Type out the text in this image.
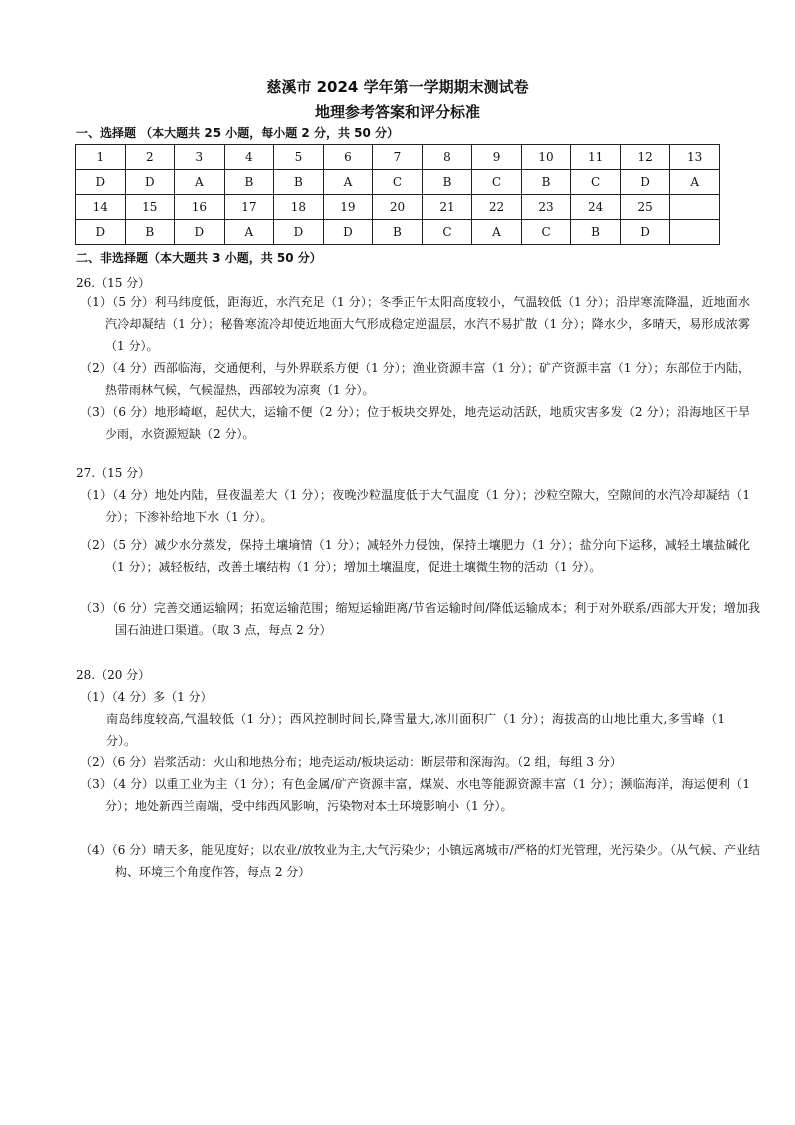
慈溪市 2024 学年第一学期期末测试卷
地理参考答案和评分标准
一、选择题 （本大题共 25 小题，每小题 2 分，共 50 分）
1	2	3	4	5	6	7	8	9	10	11	12	13
D	D	A	B	B	A	C	B	C	B	C	D	A
14	15	16	17	18	19	20	21	22	23	24	25	
D	B	D	A	D	D	B	C	A	C	B	D	
二、非选择题（本大题共 3 小题，共 50 分）
26.（15 分）

（1）（5 分）利马纬度低，距海近，水汽充足（1 分）；冬季正午太阳高度较小，气温较低（1 分）；沿岸寒流降温，近地面水汽冷却凝结（1 分）；秘鲁寒流冷却使近地面大气形成稳定逆温层，水汽不易扩散（1 分）；降水少，多晴天，易形成浓雾（1 分）。

（2）（4 分）西部临海，交通便利，与外界联系方便（1 分）；渔业资源丰富（1 分）；矿产资源丰富（1 分）；东部位于内陆，热带雨林气候，气候湿热，西部较为凉爽（1 分）。

（3）（6 分）地形崎岖，起伏大，运输不便（2 分）；位于板块交界处，地壳运动活跃，地质灾害多发（2 分）；沿海地区干旱少雨，水资源短缺（2 分）。

27.（15 分）

（1）（4 分）地处内陆，昼夜温差大（1 分）；夜晚沙粒温度低于大气温度（1 分）；沙粒空隙大，空隙间的水汽冷却凝结（1 分）；下渗补给地下水（1 分）。

（2）（5 分）减少水分蒸发，保持土壤墒情（1 分）；减轻外力侵蚀，保持土壤肥力（1 分）；盐分向下运移，减轻土壤盐碱化（1 分）；减轻板结，改善土壤结构（1 分）；增加土壤温度，促进土壤微生物的活动（1 分）。

（3）（6 分）完善交通运输网；拓宽运输范围；缩短运输距离/节省运输时间/降低运输成本；利于对外联系/西部大开发；增加我国石油进口渠道。（取 3 点，每点 2 分）

28.（20 分）
（1）（4 分）多（1 分）

南岛纬度较高,气温较低（1 分）；西风控制时间长,降雪量大,冰川面积广（1 分）；海拔高的山地比重大,多雪峰（1 分）。

（2）（6 分）岩浆活动：火山和地热分布；地壳运动/板块运动：断层带和深海沟。（2 组，每组 3 分）

（3）（4 分）以重工业为主（1 分）；有色金属/矿产资源丰富，煤炭、水电等能源资源丰富（1 分）；濒临海洋，海运便利（1 分）；地处新西兰南端，受中纬西风影响，污染物对本土环境影响小（1 分）。

（4）（6 分）晴天多，能见度好；以农业/放牧业为主,大气污染少；小镇远离城市/严格的灯光管理，光污染少。（从气候、产业结构、环境三个角度作答，每点 2 分）
